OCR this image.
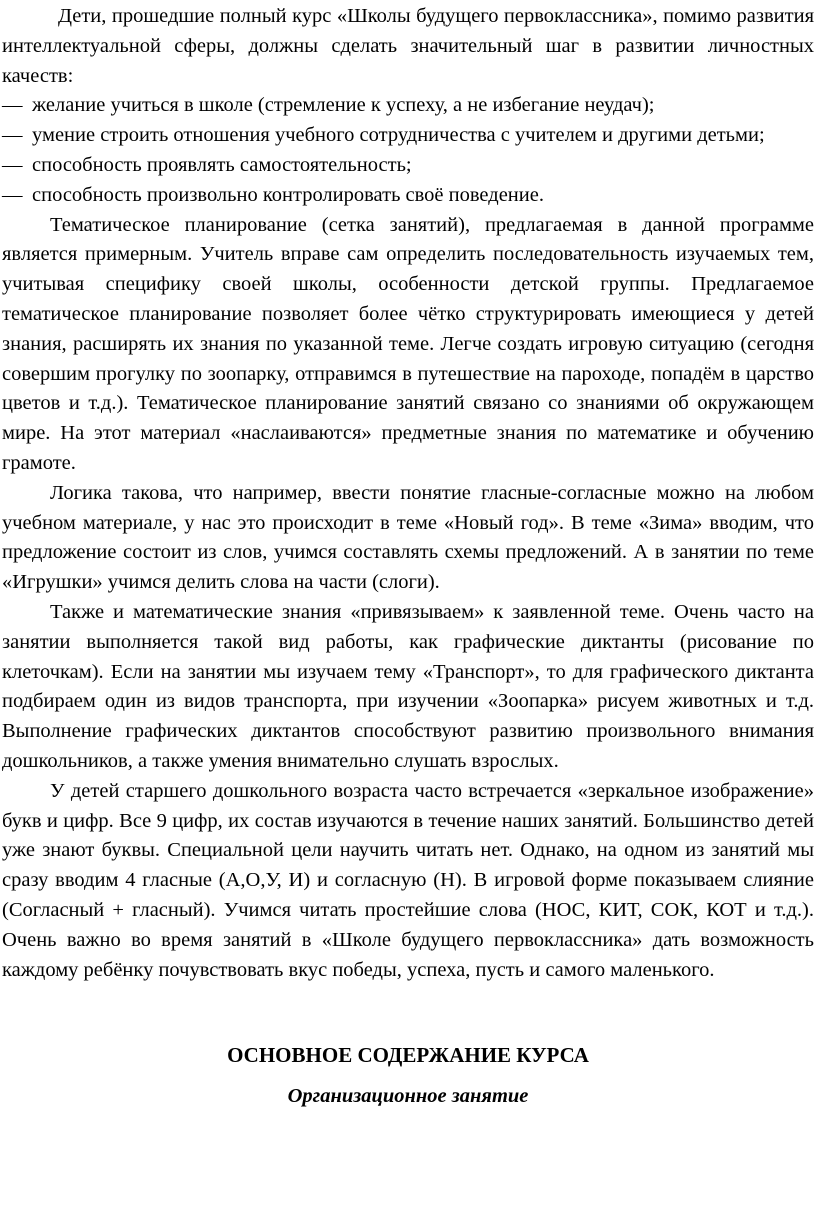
Дети, прошедшие полный курс «Школы будущего первоклассника», помимо развития интеллектуальной сферы, должны сделать значительный шаг в развитии личностных качеств:

— желание учиться в школе (стремление к успеху, а не избегание неудач);

— умение строить отношения учебного сотрудничества с учителем и другими детьми;

— способность проявлять самостоятельность;

— способность произвольно контролировать своё поведение.

Тематическое планирование (сетка занятий), предлагаемая в данной программе является примерным. Учитель вправе сам определить последовательность изучаемых тем, учитывая специфику своей школы, особенности детской группы. Предлагаемое тематическое планирование позволяет более чётко структурировать имеющиеся у детей знания, расширять их знания по указанной теме. Легче создать игровую ситуацию (сегодня совершим прогулку по зоопарку, отправимся в путешествие на пароходе, попадём в царство цветов и т.д.). Тематическое планирование занятий связано со знаниями об окружающем мире. На этот материал «наслаиваются» предметные знания по математике и обучению грамоте.

Логика такова, что например, ввести понятие гласные-согласные можно на любом учебном материале, у нас это происходит в теме «Новый год». В теме «Зима» вводим, что предложение состоит из слов, учимся составлять схемы предложений. А в занятии по теме «Игрушки» учимся делить слова на части (слоги).

Также и математические знания «привязываем» к заявленной теме. Очень часто на занятии выполняется такой вид работы, как графические диктанты (рисование по клеточкам). Если на занятии мы изучаем тему «Транспорт», то для графического диктанта подбираем один из видов транспорта, при изучении «Зоопарка» рисуем животных и т.д. Выполнение графических диктантов способствуют развитию произвольного внимания дошкольников, а также умения внимательно слушать взрослых.

У детей старшего дошкольного возраста часто встречается «зеркальное изображение» букв и цифр. Все 9 цифр, их состав изучаются в течение наших занятий. Большинство детей уже знают буквы. Специальной цели научить читать нет. Однако, на одном из занятий мы сразу вводим 4 гласные (А,О,У, И) и согласную (Н). В игровой форме показываем слияние (Согласный + гласный). Учимся читать простейшие слова (НОС, КИТ, СОК, КОТ и т.д.). Очень важно во время занятий в «Школе будущего первоклассника» дать возможность каждому ребёнку почувствовать вкус победы, успеха, пусть и самого маленького.

ОСНОВНОЕ СОДЕРЖАНИЕ КУРСА
Организационное занятие
